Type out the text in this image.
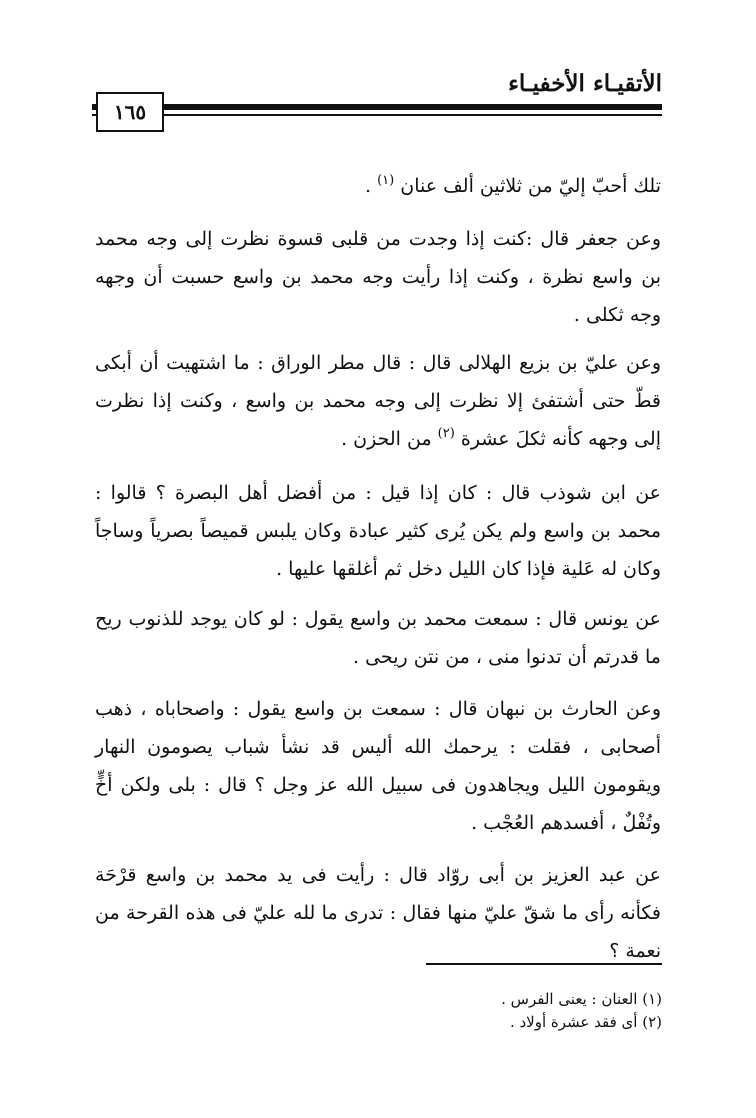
الأتقيـاء الأخفيـاء
١٦٥
تلك أحبّ إليّ من ثلاثين ألف عنان $^{(١)}$ .
وعن جعفر قال :كنت إذا وجدت من قلبى قسوة نظرت إلى وجه محمد بن واسع نظرة ، وكنت إذا رأيت وجه محمد بن واسع حسبت أن وجهه وجه ثكلى .
وعن عليّ بن بزيع الهلالى قال : قال مطر الوراق : ما اشتهيت أن أبكى قطّ حتى أشتفئ إلا نظرت إلى وجه محمد بن واسع ، وكنت إذا نظرت إلى وجهه كأنه ثكلَ عشرة $^{(٢)}$ من الحزن .
عن ابن شوذب قال : كان إذا قيل : من أفضل أهل البصرة ؟ قالوا : محمد بن واسع ولم يكن يُرى كثير عبادة وكان يلبس قميصاً بصرياً وساجاً وكان له عَلية فإذا كان الليل دخل ثم أغلقها عليها .
عن يونس قال : سمعت محمد بن واسع يقول : لو كان يوجد للذنوب ريح ما قدرتم أن تدنوا منى ، من نتن ريحى .
وعن الحارث بن نبهان قال : سمعت بن واسع يقول : واصحاباه ، ذهب أصحابى ، فقلت : يرحمك الله أليس قد نشأ شباب يصومون النهار ويقومون الليل ويجاهدون فى سبيل الله عز وجل ؟ قال : بلى ولكن أخٍّ وتُفْلٌ ، أفسدهم العُجْب .
عن عبد العزيز بن أبى روّاد قال : رأيت فى يد محمد بن واسع قرْحَة فكأنه رأى ما شقّ عليّ منها فقال : تدرى ما لله عليّ فى هذه القرحة من نعمة ؟
(١) العنان : يعنى الفرس .
(٢) أى فقد عشرة أولاد .
